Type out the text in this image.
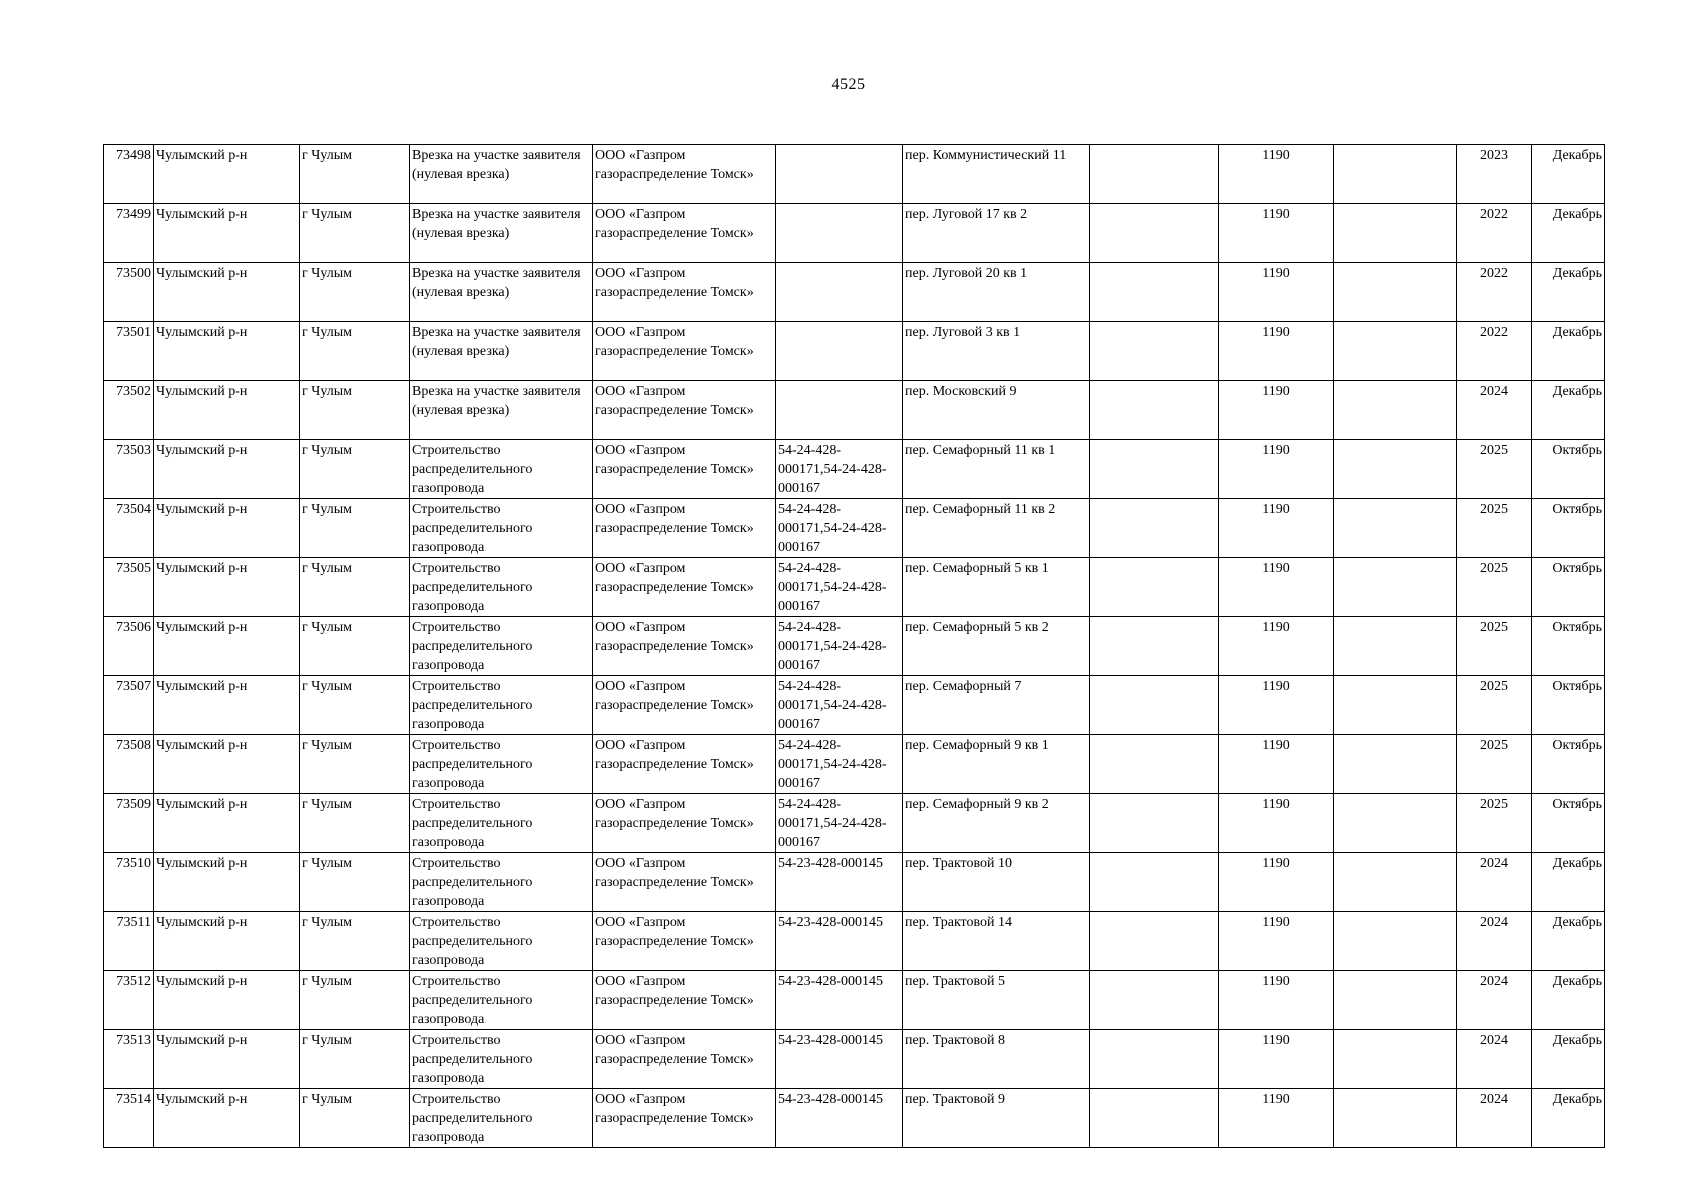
4525
73498	Чулымский р-н	г Чулым	Врезка на участке заявителя (нулевая врезка)	ООО «Газпром газораспределение Томск»		пер. Коммунистический 11		1190		2023	Декабрь
73499	Чулымский р-н	г Чулым	Врезка на участке заявителя (нулевая врезка)	ООО «Газпром газораспределение Томск»		пер. Луговой 17 кв 2		1190		2022	Декабрь
73500	Чулымский р-н	г Чулым	Врезка на участке заявителя (нулевая врезка)	ООО «Газпром газораспределение Томск»		пер. Луговой 20 кв 1		1190		2022	Декабрь
73501	Чулымский р-н	г Чулым	Врезка на участке заявителя (нулевая врезка)	ООО «Газпром газораспределение Томск»		пер. Луговой 3 кв 1		1190		2022	Декабрь
73502	Чулымский р-н	г Чулым	Врезка на участке заявителя (нулевая врезка)	ООО «Газпром газораспределение Томск»		пер. Московский 9		1190		2024	Декабрь
73503	Чулымский р-н	г Чулым	Строительство распределительного газопровода	ООО «Газпром газораспределение Томск»	54-24-428-000171,54-24-428-000167	пер. Семафорный 11 кв 1		1190		2025	Октябрь
73504	Чулымский р-н	г Чулым	Строительство распределительного газопровода	ООО «Газпром газораспределение Томск»	54-24-428-000171,54-24-428-000167	пер. Семафорный 11 кв 2		1190		2025	Октябрь
73505	Чулымский р-н	г Чулым	Строительство распределительного газопровода	ООО «Газпром газораспределение Томск»	54-24-428-000171,54-24-428-000167	пер. Семафорный 5 кв 1		1190		2025	Октябрь
73506	Чулымский р-н	г Чулым	Строительство распределительного газопровода	ООО «Газпром газораспределение Томск»	54-24-428-000171,54-24-428-000167	пер. Семафорный 5 кв 2		1190		2025	Октябрь
73507	Чулымский р-н	г Чулым	Строительство распределительного газопровода	ООО «Газпром газораспределение Томск»	54-24-428-000171,54-24-428-000167	пер. Семафорный 7		1190		2025	Октябрь
73508	Чулымский р-н	г Чулым	Строительство распределительного газопровода	ООО «Газпром газораспределение Томск»	54-24-428-000171,54-24-428-000167	пер. Семафорный 9 кв 1		1190		2025	Октябрь
73509	Чулымский р-н	г Чулым	Строительство распределительного газопровода	ООО «Газпром газораспределение Томск»	54-24-428-000171,54-24-428-000167	пер. Семафорный 9 кв 2		1190		2025	Октябрь
73510	Чулымский р-н	г Чулым	Строительство распределительного газопровода	ООО «Газпром газораспределение Томск»	54-23-428-000145	пер. Трактовой 10		1190		2024	Декабрь
73511	Чулымский р-н	г Чулым	Строительство распределительного газопровода	ООО «Газпром газораспределение Томск»	54-23-428-000145	пер. Трактовой 14		1190		2024	Декабрь
73512	Чулымский р-н	г Чулым	Строительство распределительного газопровода	ООО «Газпром газораспределение Томск»	54-23-428-000145	пер. Трактовой 5		1190		2024	Декабрь
73513	Чулымский р-н	г Чулым	Строительство распределительного газопровода	ООО «Газпром газораспределение Томск»	54-23-428-000145	пер. Трактовой 8		1190		2024	Декабрь
73514	Чулымский р-н	г Чулым	Строительство распределительного газопровода	ООО «Газпром газораспределение Томск»	54-23-428-000145	пер. Трактовой 9		1190		2024	Декабрь
